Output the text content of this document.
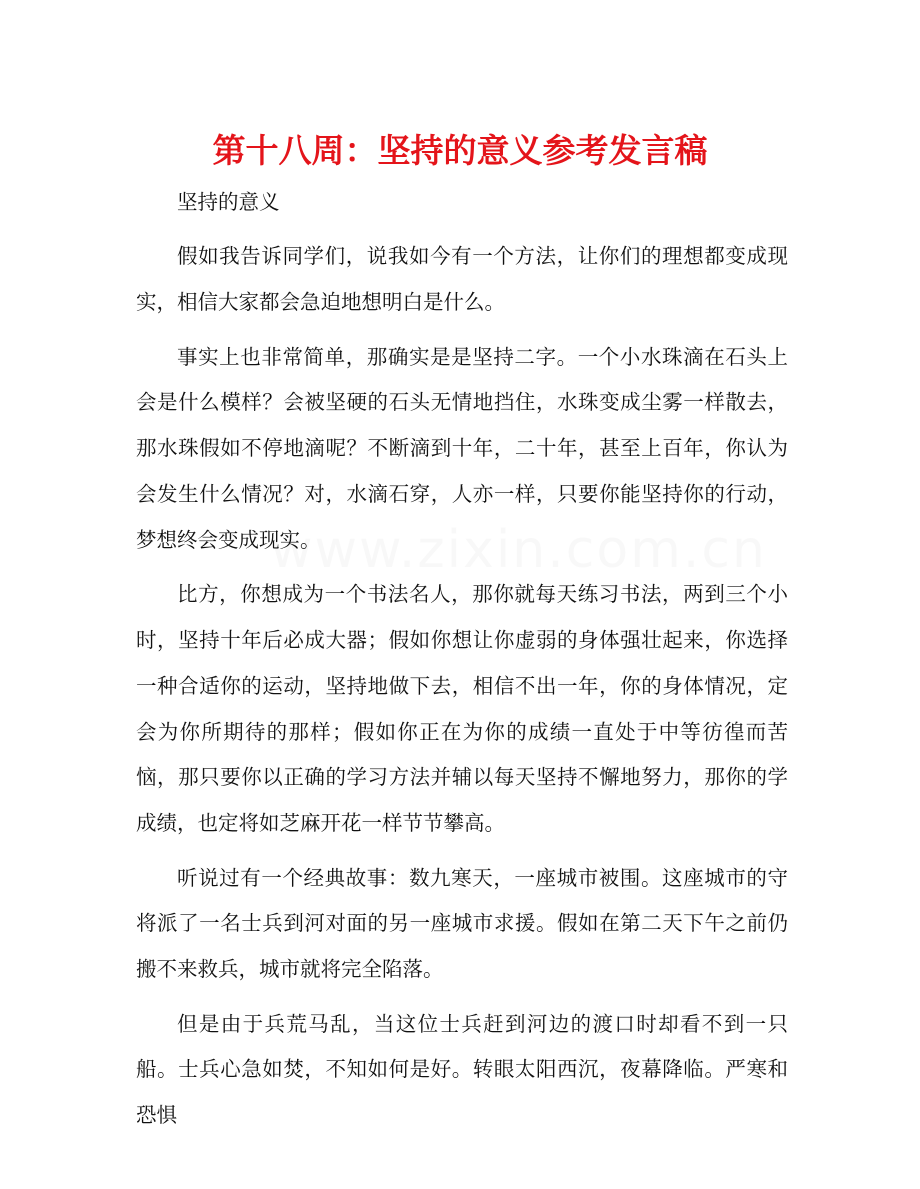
第十八周：坚持的意义参考发言稿
www.zixin.com.cn

坚持的意义

假如我告诉同学们，说我如今有一个方法，让你们的理想都变成现实，相信大家都会急迫地想明白是什么。

事实上也非常简单，那确实是是坚持二字。一个小水珠滴在石头上会是什么模样？会被坚硬的石头无情地挡住，水珠变成尘雾一样散去，那水珠假如不停地滴呢？不断滴到十年，二十年，甚至上百年，你认为会发生什么情况？对，水滴石穿，人亦一样，只要你能坚持你的行动，梦想终会变成现实。

比方，你想成为一个书法名人，那你就每天练习书法，两到三个小时，坚持十年后必成大器；假如你想让你虚弱的身体强壮起来，你选择一种合适你的运动，坚持地做下去，相信不出一年，你的身体情况，定会为你所期待的那样；假如你正在为你的成绩一直处于中等彷徨而苦恼，那只要你以正确的学习方法并辅以每天坚持不懈地努力，那你的学成绩，也定将如芝麻开花一样节节攀高。

听说过有一个经典故事：数九寒天，一座城市被围。这座城市的守将派了一名士兵到河对面的另一座城市求援。假如在第二天下午之前仍搬不来救兵，城市就将完全陷落。

但是由于兵荒马乱，当这位士兵赶到河边的渡口时却看不到一只船。士兵心急如焚，不知如何是好。转眼太阳西沉，夜幕降临。严寒和恐惧
